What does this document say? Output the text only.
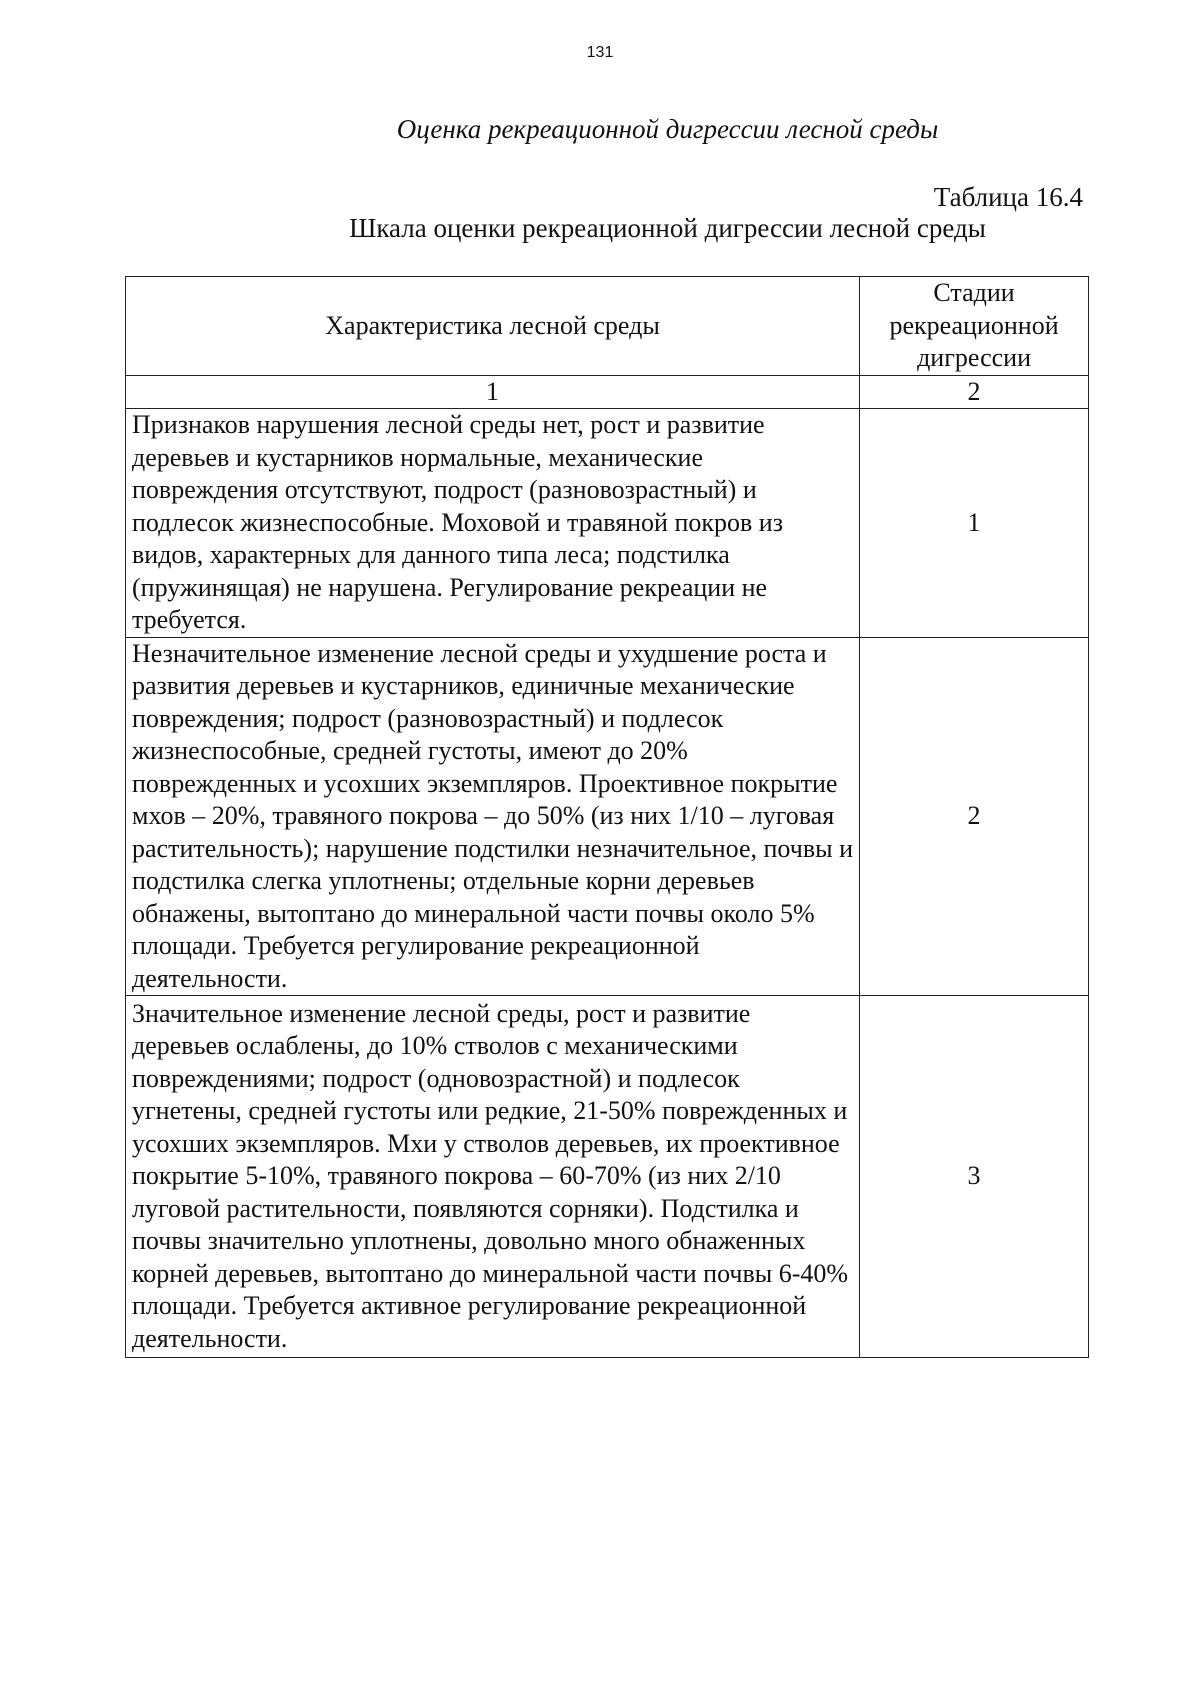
131
Оценка рекреационной дигрессии лесной среды
Таблица 16.4
Шкала оценки рекреационной дигрессии лесной среды
Характеристика лесной среды	Стадии рекреационной дигрессии
1	2
Признаков нарушения лесной среды нет, рост и развитие деревьев и кустарников нормальные, механические повреждения отсутствуют, подрост (разновозрастный) и подлесок жизнеспособные. Моховой и травяной покров из видов, характерных для данного типа леса; подстилка (пружинящая) не нарушена. Регулирование рекреации не требуется.	1
Незначительное изменение лесной среды и ухудшение роста и развития деревьев и кустарников, единичные механические повреждения; подрост (разновозрастный) и подлесок жизнеспособные, средней густоты, имеют до 20% поврежденных и усохших экземпляров. Проективное покрытие мхов – 20%, травяного покрова – до 50% (из них 1/10 – луговая растительность); нарушение подстилки незначительное, почвы и подстилка слегка уплотнены; отдельные корни деревьев обнажены, вытоптано до минеральной части почвы около 5% площади. Требуется регулирование рекреационной деятельности.	2
Значительное изменение лесной среды, рост и развитие деревьев ослаблены, до 10% стволов с механическими повреждениями; подрост (одновозрастной) и подлесок угнетены, средней густоты или редкие, 21-50% поврежденных и усохших экземпляров. Мхи у стволов деревьев, их проективное покрытие 5-10%, травяного покрова – 60-70% (из них 2/10 луговой растительности, появляются сорняки). Подстилка и почвы значительно уплотнены, довольно много обнаженных корней деревьев, вытоптано до минеральной части почвы 6-40% площади. Требуется активное регулирование рекреационной деятельности.	3
